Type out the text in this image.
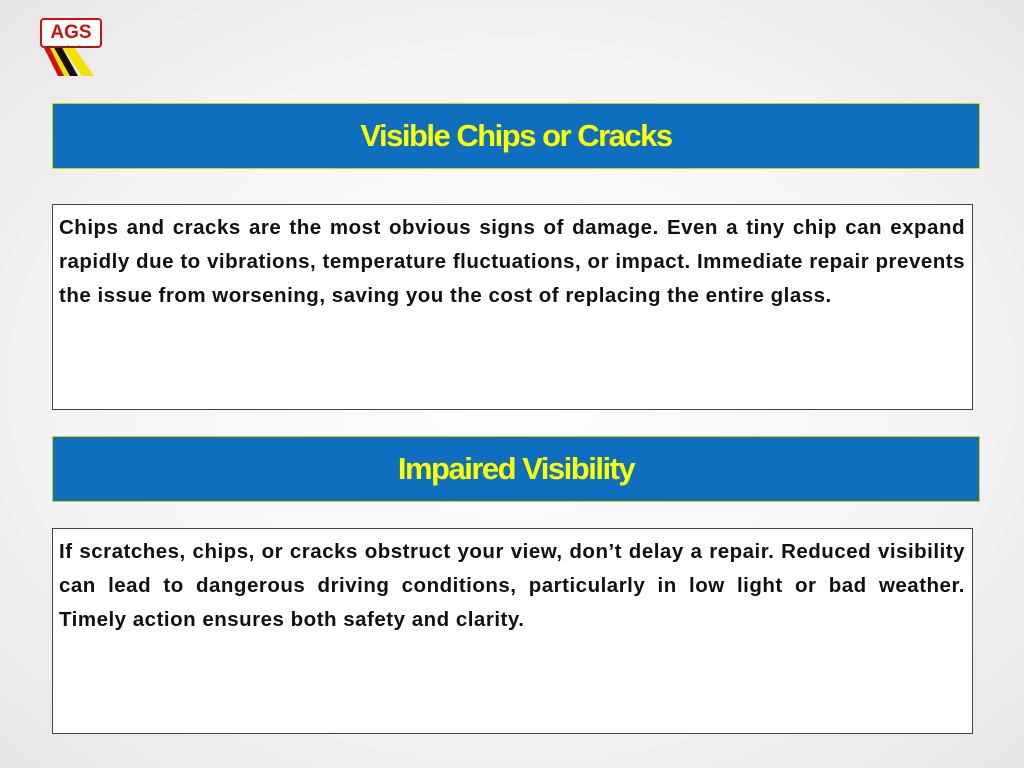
AGS
Affordable Glass Services
Visible Chips or Cracks

Chips and cracks are the most obvious signs of damage. Even a tiny chip can expand rapidly due to vibrations, temperature fluctuations, or impact. Immediate repair prevents the issue from worsening, saving you the cost of replacing the entire glass.

Impaired Visibility

If scratches, chips, or cracks obstruct your view, don’t delay a repair. Reduced visibility can lead to dangerous driving conditions, particularly in low light or bad weather. Timely action ensures both safety and clarity.
